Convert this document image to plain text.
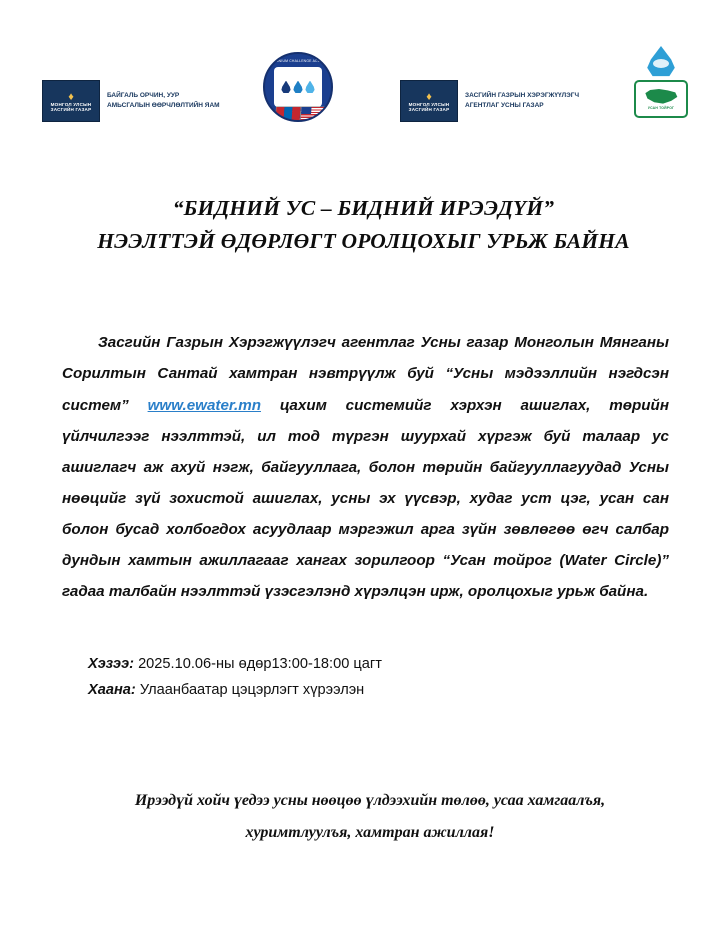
♦
МОНГОЛ УЛСЫН
ЗАСГИЙН ГАЗАР
БАЙГАЛЬ ОРЧИН, УУР
АМЬСГАЛЫН ӨӨРЧЛӨЛТИЙН ЯАМ
MILLENNIUM CHALLENGE ACCOUNT
♦
МОНГОЛ УЛСЫН
ЗАСГИЙН ГАЗАР
ЗАСГИЙН ГАЗРЫН ХЭРЭГЖҮҮЛЭГЧ
АГЕНТЛАГ УСНЫ ГАЗАР	УСАН ТОЙРОГ
“БИДНИЙ УС – БИДНИЙ ИРЭЭДҮЙ”
НЭЭЛТТЭЙ ӨДӨРЛӨГТ ОРОЛЦОХЫГ УРЬЖ БАЙНА

Засгийн Газрын Хэрэгжүүлэгч агентлаг Усны газар Монголын Мянганы Сорилтын Сантай хамтран нэвтрүүлж буй “Усны мэдээллийн нэгдсэн систем” www.ewater.mn цахим системийг хэрхэн ашиглах, төрийн үйлчилгээг нээлттэй, ил тод түргэн шуурхай хүргэж буй талаар ус ашиглагч аж ахуй нэгж, байгууллага, болон төрийн байгууллагуудад Усны нөөцийг зүй зохистой ашиглах, усны эх үүсвэр, худаг уст цэг, усан сан болон бусад холбогдох асуудлаар мэргэжил арга зүйн зөвлөгөө өгч салбар дундын хамтын ажиллагааг хангах зорилгоор “Усан тойрог (Water Circle)” гадаа талбайн нээлттэй үзэсгэлэнд хүрэлцэн ирж, оролцохыг урьж байна.

Хэзээ: 2025.10.06-ны өдөр13:00-18:00 цагт
Хаана: Улаанбаатар цэцэрлэгт хүрээлэн
Ирээдүй хойч үедээ усны нөөцөө үлдээхийн төлөө, усаа хамгаалъя,
хуримтлуулъя, хамтран ажиллая!
